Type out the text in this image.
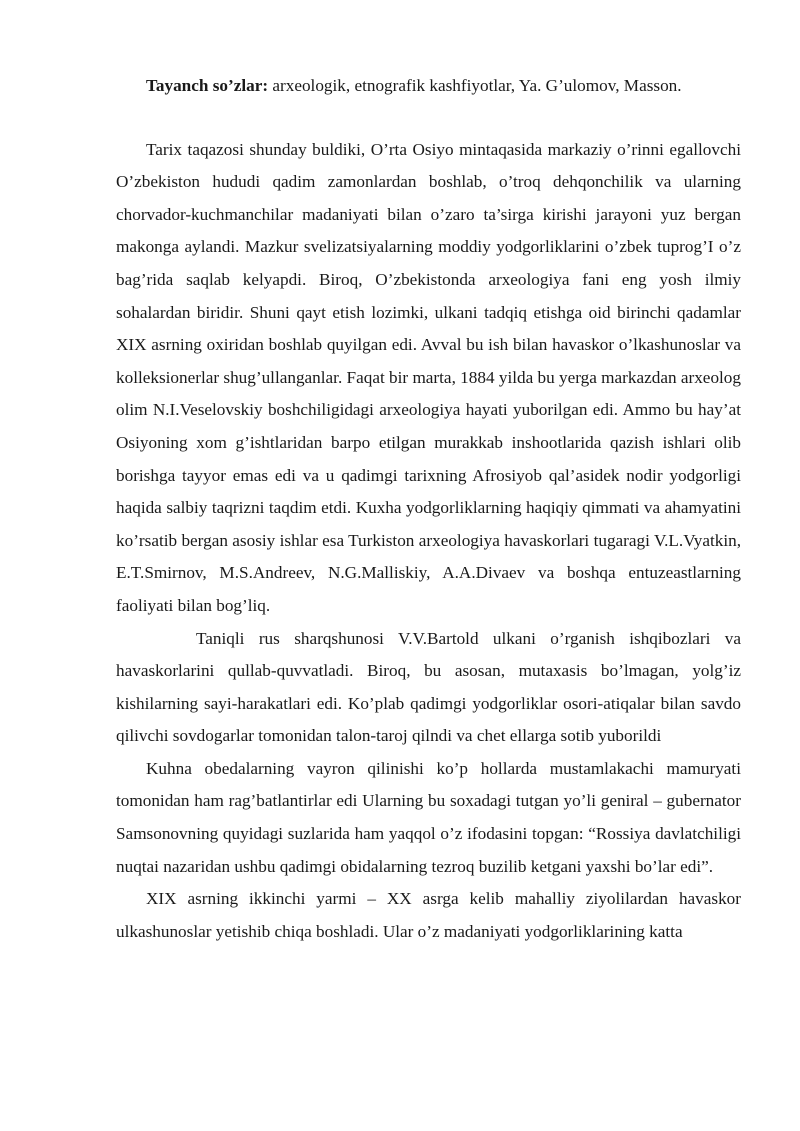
Tayanch so’zlar: arxeologik, etnografik kashfiyotlar, Ya. G’ulomov, Masson.

Tarix taqazosi shunday buldiki, O’rta Osiyo mintaqasida markaziy o’rinni egallovchi O’zbekiston hududi qadim zamonlardan boshlab, o’troq dehqonchilik va ularning chorvador-kuchmanchilar madaniyati bilan o’zaro ta’sirga kirishi jarayoni yuz bergan makonga aylandi. Mazkur svelizatsiyalarning moddiy yodgorliklarini o’zbek tuprog’I o’z bag’rida saqlab kelyapdi. Biroq, O’zbekistonda arxeologiya fani eng yosh ilmiy sohalardan biridir. Shuni qayt etish lozimki, ulkani tadqiq etishga oid birinchi qadamlar XIX asrning oxiridan boshlab quyilgan edi. Avval bu ish bilan havaskor o’lkashunoslar va kolleksionerlar shug’ullanganlar. Faqat bir marta, 1884 yilda bu yerga markazdan arxeolog olim N.I.Veselovskiy boshchiligidagi arxeologiya hayati yuborilgan edi. Ammo bu hay’at Osiyoning xom g’ishtlaridan barpo etilgan murakkab inshootlarida qazish ishlari olib borishga tayyor emas edi va u qadimgi tarixning Afrosiyob qal’asidek nodir yodgorligi haqida salbiy taqrizni taqdim etdi. Kuxha yodgorliklarning haqiqiy qimmati va ahamyatini ko’rsatib bergan asosiy ishlar esa Turkiston arxeologiya havaskorlari tugaragi V.L.Vyatkin, E.T.Smirnov, M.S.Andreev, N.G.Malliskiy, A.A.Divaev va boshqa entuzeastlarning faoliyati bilan bog’liq.

Taniqli rus sharqshunosi V.V.Bartold ulkani o’rganish ishqibozlari va havaskorlarini qullab-quvvatladi. Biroq, bu asosan, mutaxasis bo’lmagan, yolg’iz kishilarning sayi-harakatlari edi. Ko’plab qadimgi yodgorliklar osori-atiqalar bilan savdo qilivchi sovdogarlar tomonidan talon-taroj qilndi va chet ellarga sotib yuborildi

Kuhna obedalarning vayron qilinishi ko’p hollarda mustamlakachi mamuryati tomonidan ham rag’batlantirlar edi Ularning bu soxadagi tutgan yo’li geniral – gubernator Samsonovning quyidagi suzlarida ham yaqqol o’z ifodasini topgan: “Rossiya davlatchiligi nuqtai nazaridan ushbu qadimgi obidalarning tezroq buzilib ketgani yaxshi bo’lar edi”.

XIX asrning ikkinchi yarmi – XX asrga kelib mahalliy ziyolilardan havaskor ulkashunoslar yetishib chiqa boshladi. Ular o’z madaniyati yodgorliklarining katta
